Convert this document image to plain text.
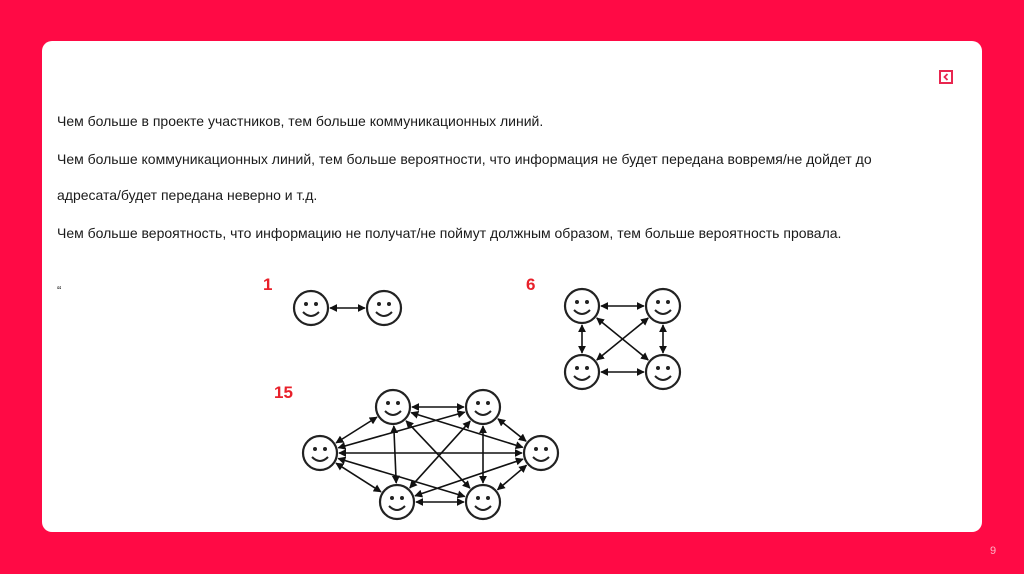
Чем больше в проекте участников, тем больше коммуникационных линий.

Чем больше коммуникационных линий, тем больше вероятности, что информация не будет передана вовремя/не дойдет до

адресата/будет передана неверно и т.д.

Чем больше вероятность, что информацию не получат/не поймут должным образом, тем больше вероятность провала.

“	1	6
15
9
